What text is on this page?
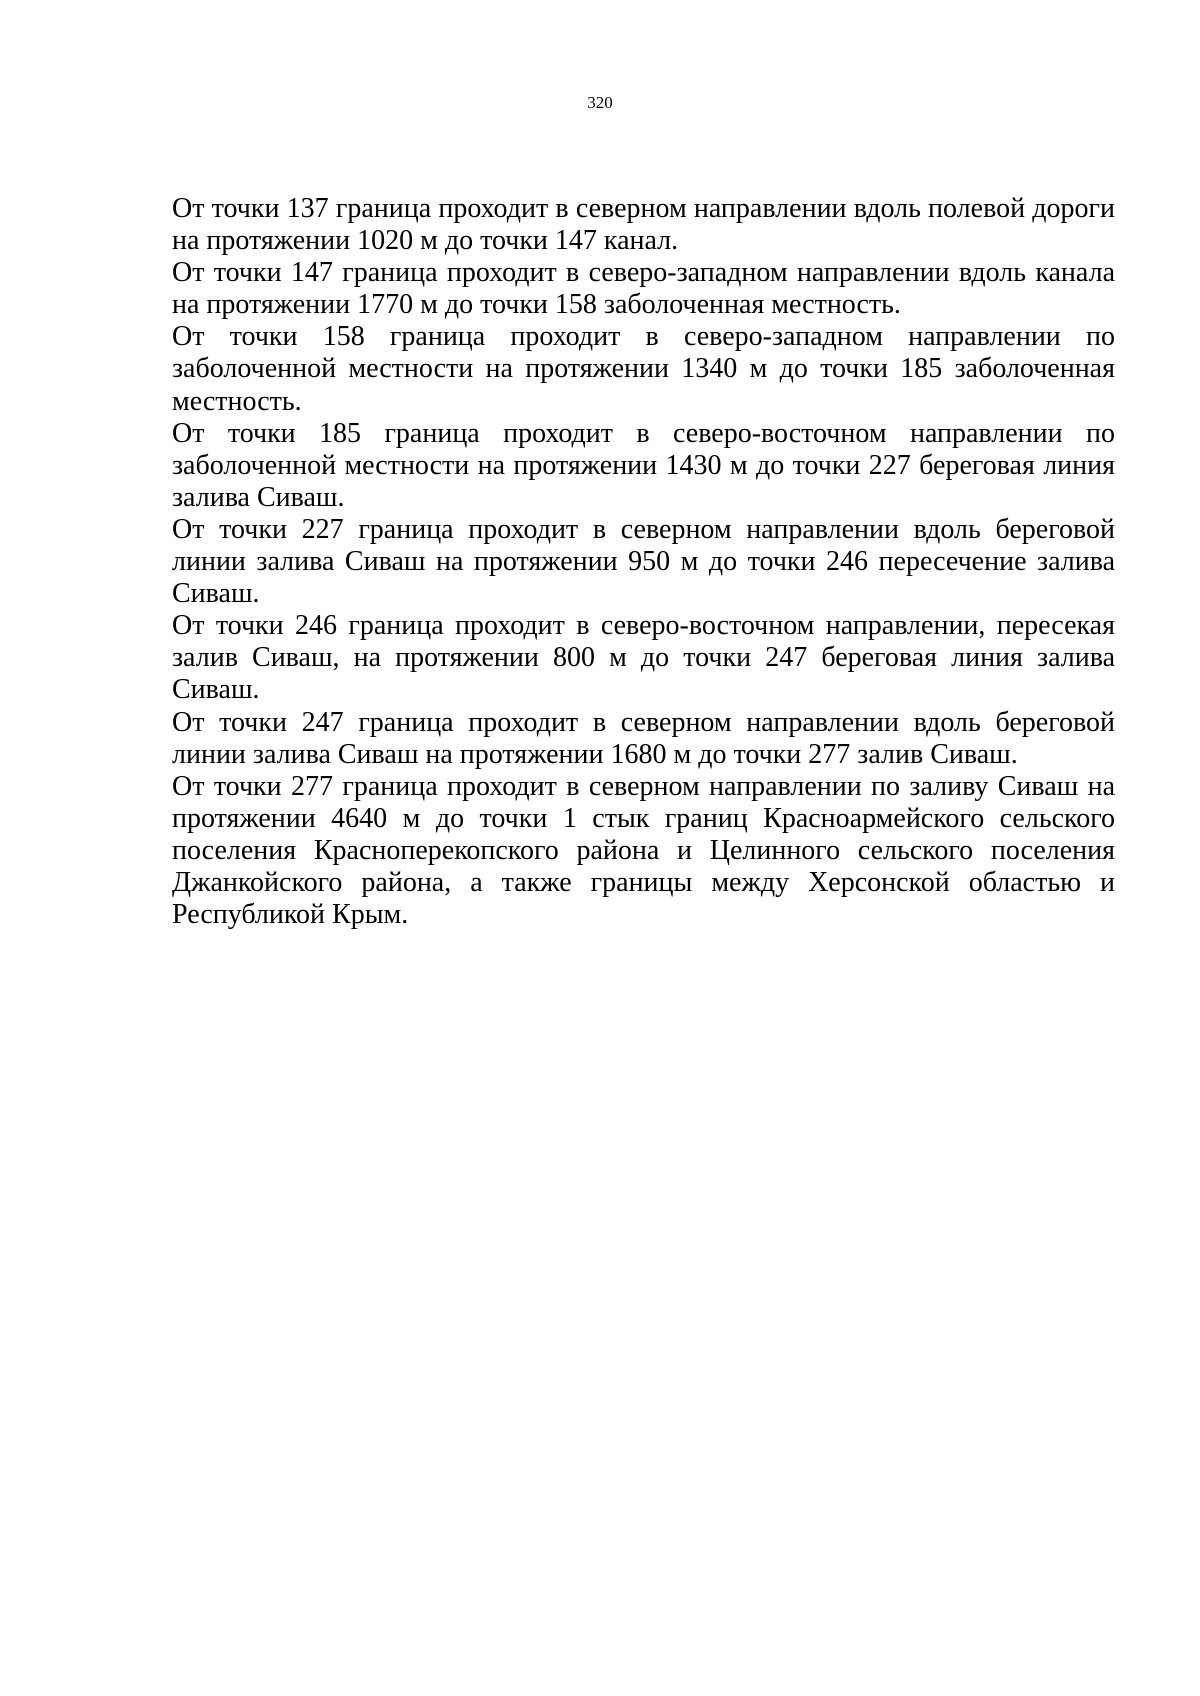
320

От точки 137 граница проходит в северном направлении вдоль полевой дороги на протяжении 1020 м до точки 147 канал.

От точки 147 граница проходит в северо-западном направлении вдоль канала на протяжении 1770 м до точки 158 заболоченная местность.

От точки 158 граница проходит в северо-западном направлении по заболоченной местности на протяжении 1340 м до точки 185 заболоченная местность.

От точки 185 граница проходит в северо-восточном направлении по заболоченной местности на протяжении 1430 м до точки 227 береговая линия залива Сиваш.

От точки 227 граница проходит в северном направлении вдоль береговой линии залива Сиваш на протяжении 950 м до точки 246 пересечение залива Сиваш.

От точки 246 граница проходит в северо-восточном направлении, пересекая залив Сиваш, на протяжении 800 м до точки 247 береговая линия залива Сиваш.

От точки 247 граница проходит в северном направлении вдоль береговой линии залива Сиваш на протяжении 1680 м до точки 277 залив Сиваш.

От точки 277 граница проходит в северном направлении по заливу Сиваш на протяжении 4640 м до точки 1 стык границ Красноармейского сельского поселения Красноперекопского района и Целинного сельского поселения Джанкойского района, а также границы между Херсонской областью и Республикой Крым.
